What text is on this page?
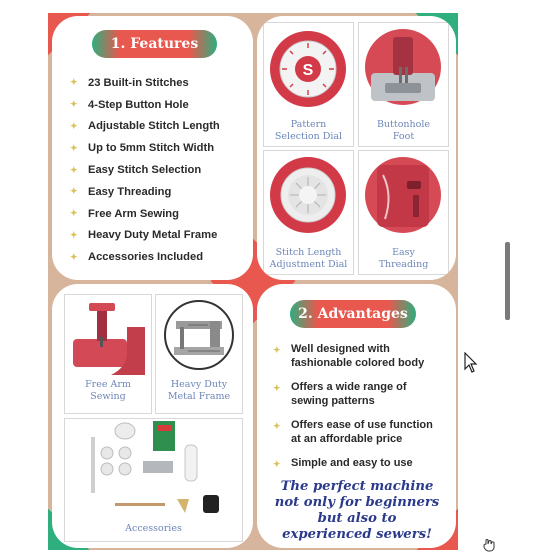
1. Features
✦ 23 Built-in Stitches
✦ 4-Step Button Hole
✦ Adjustable Stitch Length
✦ Up to 5mm Stitch Width
✦ Easy Stitch Selection
✦ Easy Threading
✦ Free Arm Sewing
✦ Heavy Duty Metal Frame
✦ Accessories Included
S
Pattern
Selection Dial
Buttonhole
Foot
Stitch Length
Adjustment Dial
Easy
Threading
Free Arm
Sewing
Heavy Duty
Metal Frame
Accessories
2. Advantages
✦ Well designed with
fashionable colored body
✦ Offers a wide range of
sewing patterns
✦ Offers ease of use function
at an affordable price
✦ Simple and easy to use
The perfect machine
not only for beginners
but also to
experienced sewers!
